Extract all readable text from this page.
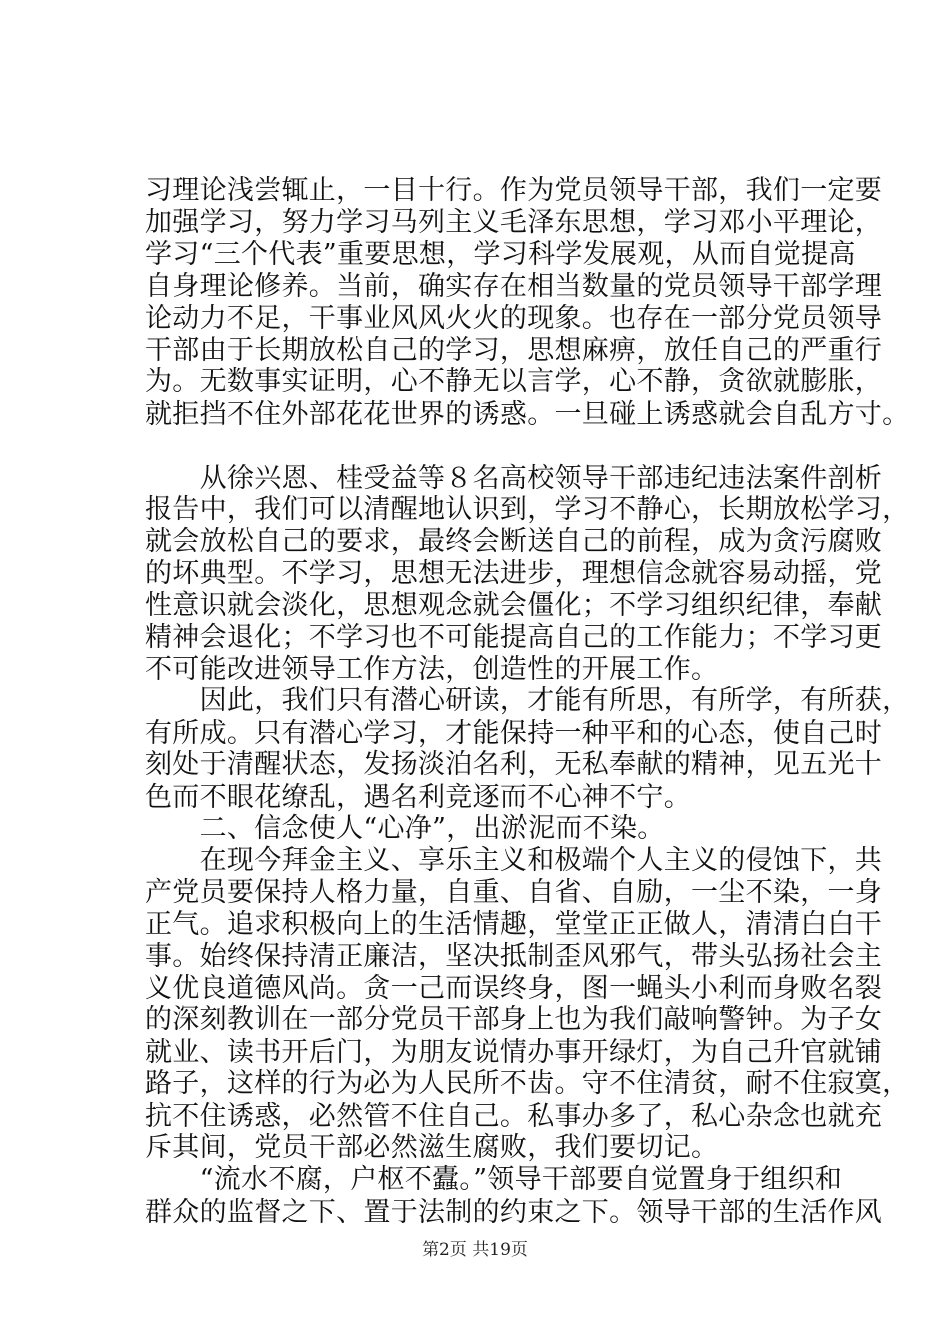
习理论浅尝辄止，一目十行。作为党员领导干部，我们一定要
加强学习，努力学习马列主义毛泽东思想，学习邓小平理论，
学习“三个代表”重要思想，学习科学发展观，从而自觉提高
自身理论修养。当前，确实存在相当数量的党员领导干部学理
论动力不足，干事业风风火火的现象。也存在一部分党员领导
干部由于长期放松自己的学习，思想麻痹，放任自己的严重行
为。无数事实证明，心不静无以言学，心不静，贪欲就膨胀，
就拒挡不住外部花花世界的诱惑。一旦碰上诱惑就会自乱方寸。
　　从徐兴恩、桂受益等８名高校领导干部违纪违法案件剖析
报告中，我们可以清醒地认识到，学习不静心，长期放松学习，
就会放松自己的要求，最终会断送自己的前程，成为贪污腐败
的坏典型。不学习，思想无法进步，理想信念就容易动摇，党
性意识就会淡化，思想观念就会僵化；不学习组织纪律，奉献
精神会退化；不学习也不可能提高自己的工作能力；不学习更
不可能改进领导工作方法，创造性的开展工作。
　　因此，我们只有潜心研读，才能有所思，有所学，有所获，
有所成。只有潜心学习，才能保持一种平和的心态，使自己时
刻处于清醒状态，发扬淡泊名利，无私奉献的精神，见五光十
色而不眼花缭乱，遇名利竞逐而不心神不宁。
　　二、信念使人“心净”，出淤泥而不染。
　　在现今拜金主义、享乐主义和极端个人主义的侵蚀下，共
产党员要保持人格力量，自重、自省、自励，一尘不染，一身
正气。追求积极向上的生活情趣，堂堂正正做人，清清白白干
事。始终保持清正廉洁，坚决抵制歪风邪气，带头弘扬社会主
义优良道德风尚。贪一己而误终身，图一蝇头小利而身败名裂
的深刻教训在一部分党员干部身上也为我们敲响警钟。为子女
就业、读书开后门，为朋友说情办事开绿灯，为自己升官就铺
路子，这样的行为必为人民所不齿。守不住清贫，耐不住寂寞，
抗不住诱惑，必然管不住自己。私事办多了，私心杂念也就充
斥其间，党员干部必然滋生腐败，我们要切记。
　　“流水不腐，户枢不蠹。”领导干部要自觉置身于组织和
群众的监督之下、置于法制的约束之下。领导干部的生活作风
第2页 共19页
